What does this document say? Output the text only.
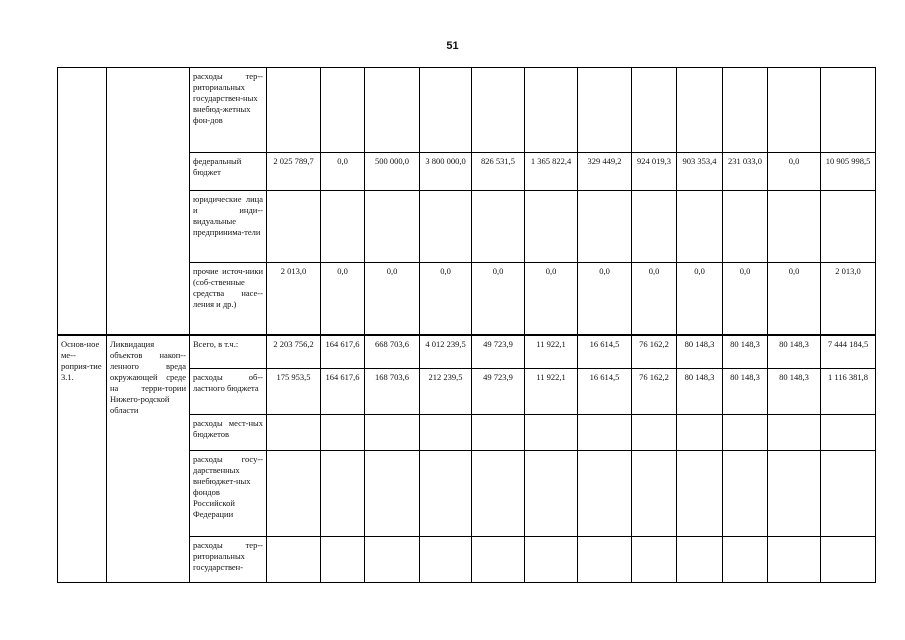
51
		расходы тер-риториальных государствен-ных внебюд-жетных фон-дов												
		федеральный бюджет	2 025 789,7	0,0	500 000,0	3 800 000,0	826 531,5	1 365 822,4	329 449,2	924 019,3	903 353,4	231 033,0	0,0	10 905 998,5
		юридические лица и инди-видуальные предпринима-тели												
		прочие источ-ники (соб-ственные средства насе-ления и др.)	2 013,0	0,0	0,0	0,0	0,0	0,0	0,0	0,0	0,0	0,0	0,0	2 013,0
Основ-ное ме-роприя-тие 3.1.	Ликвидация объектов накоп-ленного вреда окружающей среде на терри-тории Нижего-родской области	Всего, в т.ч.:	2 203 756,2	164 617,6	668 703,6	4 012 239,5	49 723,9	11 922,1	16 614,5	76 162,2	80 148,3	80 148,3	80 148,3	7 444 184,5
		расходы об-ластного бюджета	175 953,5	164 617,6	168 703,6	212 239,5	49 723,9	11 922,1	16 614,5	76 162,2	80 148,3	80 148,3	80 148,3	1 116 381,8
		расходы мест-ных бюджетов												
		расходы госу-дарственных внебюджет-ных фондов Российской Федерации												
		расходы тер-риториальных государствен-												
